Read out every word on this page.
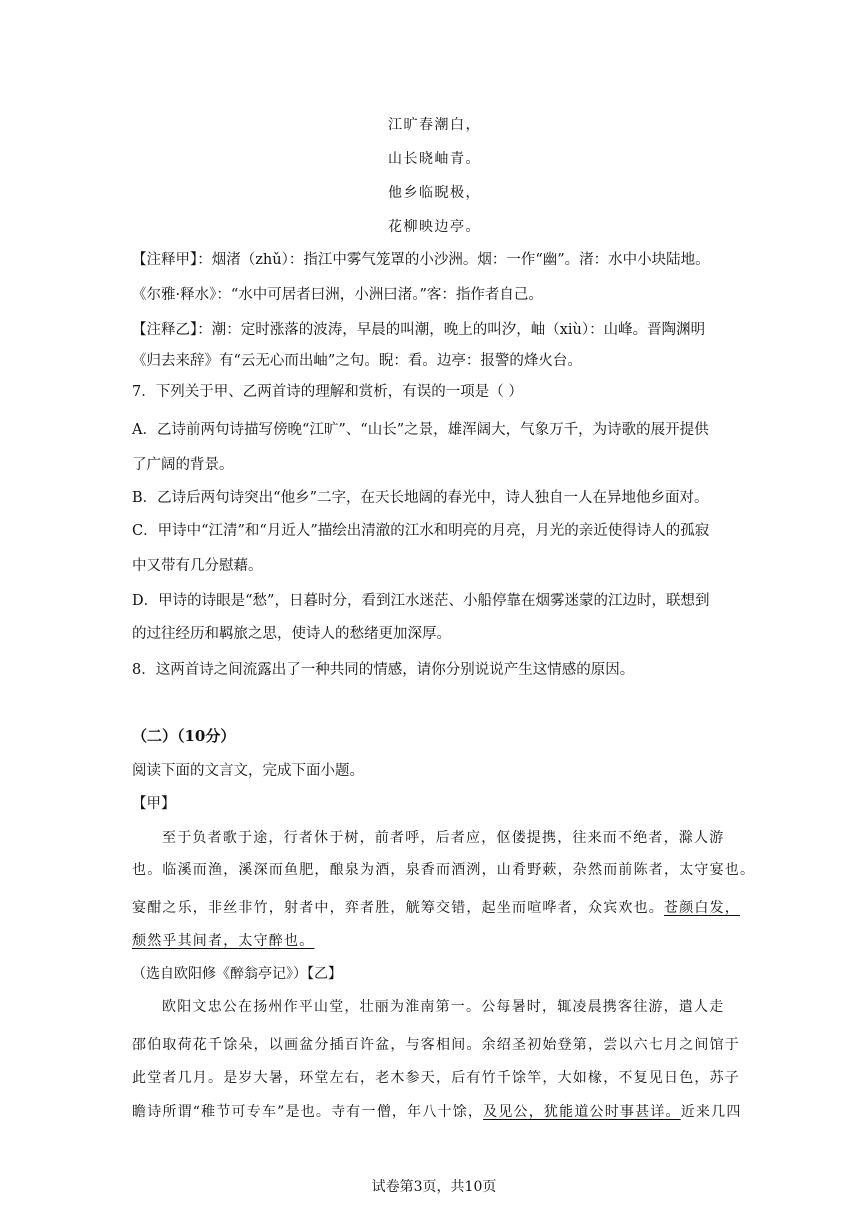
江旷春潮白，
山长晓岫青。
他乡临睨极，
花柳映边亭。
【注释甲】：烟渚（zhǔ）：指江中雾气笼罩的小沙洲。烟：一作“幽”。渚：水中小块陆地。
《尔雅·释水》：“水中可居者曰洲，小洲曰渚。”客：指作者自己。
【注释乙】：潮：定时涨落的波涛，早晨的叫潮，晚上的叫汐，岫（xiù）：山峰。晋陶渊明
《归去来辞》有“云无心而出岫”之句。睨：看。边亭：报警的烽火台。
7．下列关于甲、乙两首诗的理解和赏析，有误的一项是（ ）
A．乙诗前两句诗描写傍晚“江旷”、“山长”之景，雄浑阔大，气象万千，为诗歌的展开提供
了广阔的背景。
B．乙诗后两句诗突出“他乡”二字，在天长地阔的春光中，诗人独自一人在异地他乡面对。
C．甲诗中“江清”和“月近人”描绘出清澈的江水和明亮的月亮，月光的亲近使得诗人的孤寂
中又带有几分慰藉。
D．甲诗的诗眼是“愁”，日暮时分，看到江水迷茫、小船停靠在烟雾迷蒙的江边时，联想到
的过往经历和羁旅之思，使诗人的愁绪更加深厚。
8．这两首诗之间流露出了一种共同的情感，请你分别说说产生这情感的原因。
（二）（10分）
阅读下面的文言文，完成下面小题。
【甲】
至于负者歌于途，行者休于树，前者呼，后者应，伛偻提携，往来而不绝者，滁人游
也。临溪而渔，溪深而鱼肥，酿泉为酒，泉香而酒洌，山肴野蔌，杂然而前陈者，太守宴也。
宴酣之乐，非丝非竹，射者中，弈者胜，觥筹交错，起坐而喧哗者，众宾欢也。苍颜白发，
颓然乎其间者，太守醉也。
（选自欧阳修《醉翁亭记》）【乙】
欧阳文忠公在扬州作平山堂，壮丽为淮南第一。公每暑时，辄凌晨携客往游，遣人走
邵伯取荷花千馀朵，以画盆分插百许盆，与客相间。余绍圣初始登第，尝以六七月之间馆于
此堂者几月。是岁大暑，环堂左右，老木参天，后有竹千馀竿，大如椽，不复见日色，苏子
瞻诗所谓“稚节可专车”是也。寺有一僧，年八十馀，及见公，犹能道公时事甚详。近来几四
试卷第3页，共10页
